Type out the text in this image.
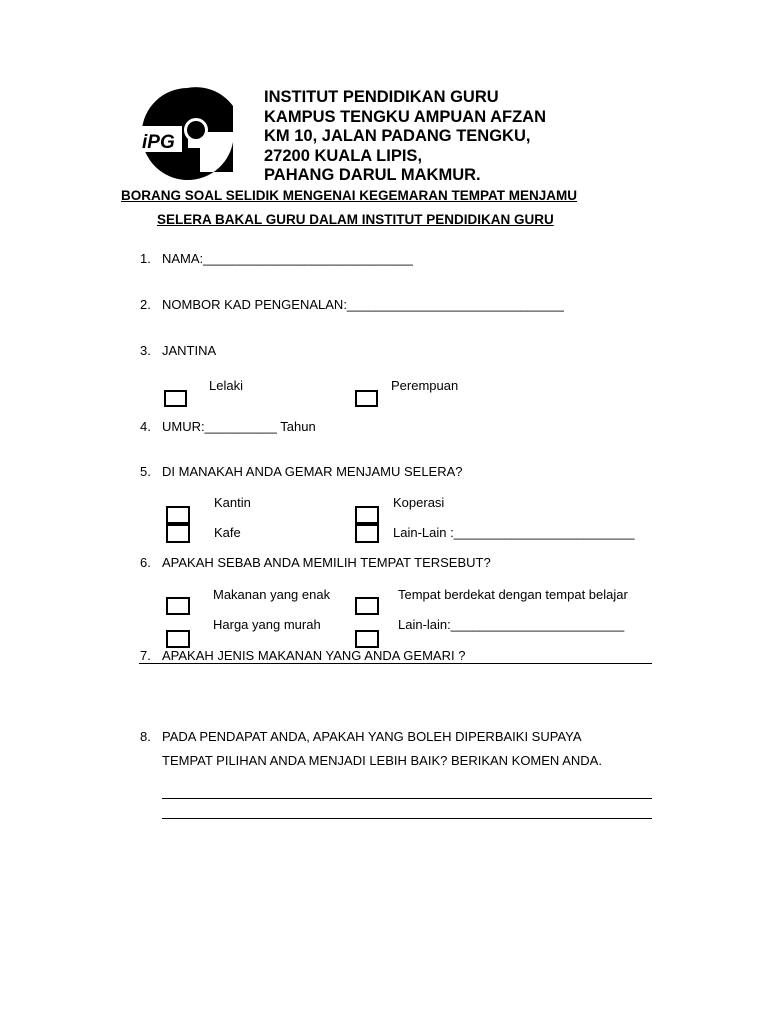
iPG
INSTITUT PENDIDIKAN GURU
KAMPUS TENGKU AMPUAN AFZAN
KM 10, JALAN PADANG TENGKU,
27200 KUALA LIPIS,
PAHANG DARUL MAKMUR.
BORANG SOAL SELIDIK MENGENAI KEGEMARAN TEMPAT MENJAMU
SELERA BAKAL GURU DALAM INSTITUT PENDIDIKAN GURU
1. NAMA:_____________________________
2. NOMBOR KAD PENGENALAN:______________________________
3. JANTINA
Lelaki	Perempuan
4. UMUR:__________ Tahun
5. DI MANAKAH ANDA GEMAR MENJAMU SELERA?
Kantin	Koperasi
Kafe	Lain-Lain :_________________________
6. APAKAH SEBAB ANDA MEMILIH TEMPAT TERSEBUT?
Makanan yang enak	Tempat berdekat dengan tempat belajar
Harga yang murah	Lain-lain:________________________
7. APAKAH JENIS MAKANAN YANG ANDA GEMARI ?
8. PADA PENDAPAT ANDA, APAKAH YANG BOLEH DIPERBAIKI SUPAYA
TEMPAT PILIHAN ANDA MENJADI LEBIH BAIK? BERIKAN KOMEN ANDA.
